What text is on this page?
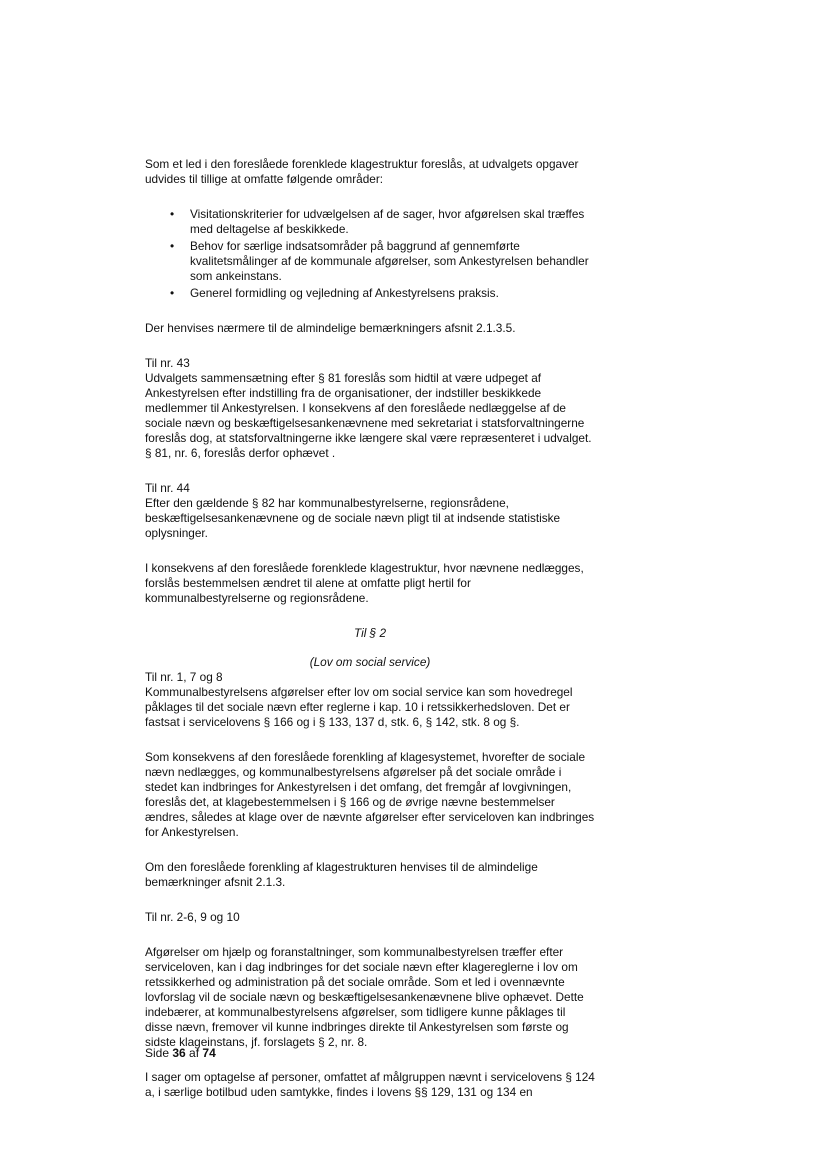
Som et led i den foreslåede forenklede klagestruktur foreslås, at udvalgets opgaver udvides til tillige at omfatte følgende områder:

• Visitationskriterier for udvælgelsen af de sager, hvor afgørelsen skal træffes med deltagelse af beskikkede.
• Behov for særlige indsatsområder på baggrund af gennemførte kvalitetsmålinger af de kommunale afgørelser, som Ankestyrelsen behandler som ankeinstans.
• Generel formidling og vejledning af Ankestyrelsens praksis.

Der henvises nærmere til de almindelige bemærkningers afsnit 2.1.3.5.

Til nr. 43

Udvalgets sammensætning efter § 81 foreslås som hidtil at være udpeget af Ankestyrelsen efter indstilling fra de organisationer, der indstiller beskikkede medlemmer til Ankestyrelsen. I konsekvens af den foreslåede nedlæggelse af de sociale nævn og beskæftigelsesankenævnene med sekretariat i statsforvaltningerne foreslås dog, at statsforvaltningerne ikke længere skal være repræsenteret i udvalget. § 81, nr. 6, foreslås derfor ophævet .

Til nr. 44

Efter den gældende § 82 har kommunalbestyrelserne, regionsrådene, beskæftigelsesankenævnene og de sociale nævn pligt til at indsende statistiske oplysninger.

I konsekvens af den foreslåede forenklede klagestruktur, hvor nævnene nedlægges, forslås bestemmelsen ændret til alene at omfatte pligt hertil for kommunalbestyrelserne og regionsrådene.

Til § 2

(Lov om social service)

Til nr. 1, 7 og 8

Kommunalbestyrelsens afgørelser efter lov om social service kan som hovedregel påklages til det sociale nævn efter reglerne i kap. 10 i retssikkerhedsloven. Det er fastsat i servicelovens § 166 og i § 133, 137 d, stk. 6, § 142, stk. 8 og §.

Som konsekvens af den foreslåede forenkling af klagesystemet, hvorefter de sociale nævn nedlægges, og kommunalbestyrelsens afgørelser på det sociale område i stedet kan indbringes for Ankestyrelsen i det omfang, det fremgår af lovgivningen, foreslås det, at klagebestemmelsen i § 166 og de øvrige nævne bestemmelser ændres, således at klage over de nævnte afgørelser efter serviceloven kan indbringes for Ankestyrelsen.

Om den foreslåede forenkling af klagestrukturen henvises til de almindelige bemærkninger afsnit 2.1.3.

Til nr. 2-6, 9 og 10

Afgørelser om hjælp og foranstaltninger, som kommunalbestyrelsen træffer efter serviceloven, kan i dag indbringes for det sociale nævn efter klagereglerne i lov om retssikkerhed og administration på det sociale område. Som et led i ovennævnte lovforslag vil de sociale nævn og beskæftigelsesankenævnene blive ophævet. Dette indebærer, at kommunalbestyrelsens afgørelser, som tidligere kunne påklages til disse nævn, fremover vil kunne indbringes direkte til Ankestyrelsen som første og sidste klageinstans, jf. forslagets § 2, nr. 8.

I sager om optagelse af personer, omfattet af målgruppen nævnt i servicelovens § 124 a, i særlige botilbud uden samtykke, findes i lovens §§ 129, 131 og 134 en

Side 36 af 74
